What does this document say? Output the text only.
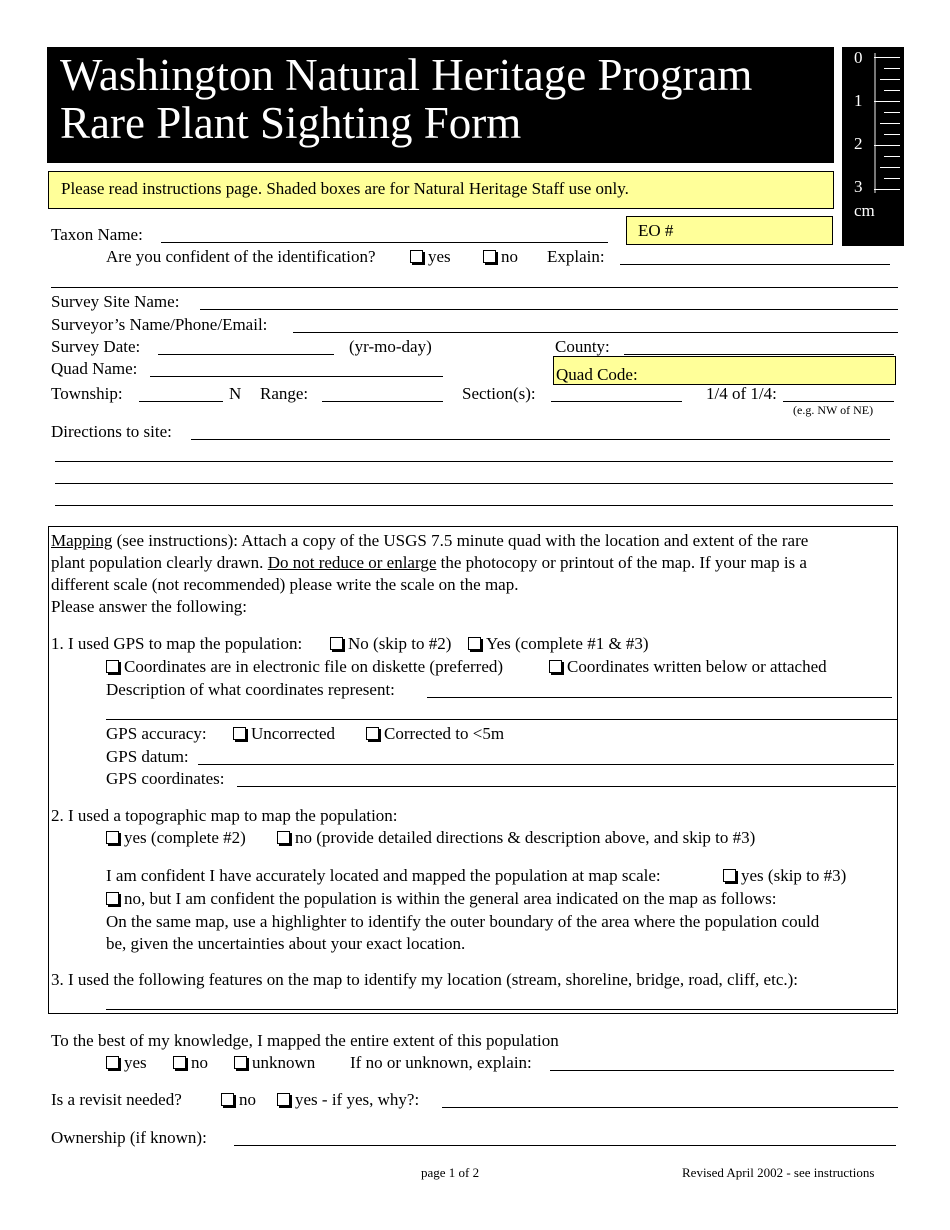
Washington Natural Heritage Program
Rare Plant Sighting Form
0
1
2
3
cm
Please read instructions page. Shaded boxes are for Natural Heritage Staff use only.
Taxon Name:	EO #
Are you confident of the identification?	yes	no Explain:
Survey Site Name:
Surveyor’s Name/Phone/Email:
Survey Date:	(yr-mo-day)	County:
Quad Name:	Quad Code:
Township:	N Range:	Section(s):	1/4 of 1/4:
(e.g. NW of NE)
Directions to site:
Mapping (see instructions): Attach a copy of the USGS 7.5 minute quad with the location and extent of the rare
plant population clearly drawn. Do not reduce or enlarge the photocopy or printout of the map. If your map is a
different scale (not recommended) please write the scale on the map.
Please answer the following:
1. I used GPS to map the population:	No (skip to #2)	Yes (complete #1 & #3)
Coordinates are in electronic file on diskette (preferred)	Coordinates written below or attached
Description of what coordinates represent:
GPS accuracy:	Uncorrected	Corrected to <5m
GPS datum:
GPS coordinates:
2. I used a topographic map to map the population:
yes (complete #2)	no (provide detailed directions & description above, and skip to #3)
I am confident I have accurately located and mapped the population at map scale:	yes (skip to #3)
no, but I am confident the population is within the general area indicated on the map as follows:
On the same map, use a highlighter to identify the outer boundary of the area where the population could
be, given the uncertainties about your exact location.
3. I used the following features on the map to identify my location (stream, shoreline, bridge, road, cliff, etc.):
To the best of my knowledge, I mapped the entire extent of this population
yes	no	unknown If no or unknown, explain:
Is a revisit needed?	no	yes - if yes, why?:
Ownership (if known):
page 1 of 2	Revised April 2002 - see instructions
